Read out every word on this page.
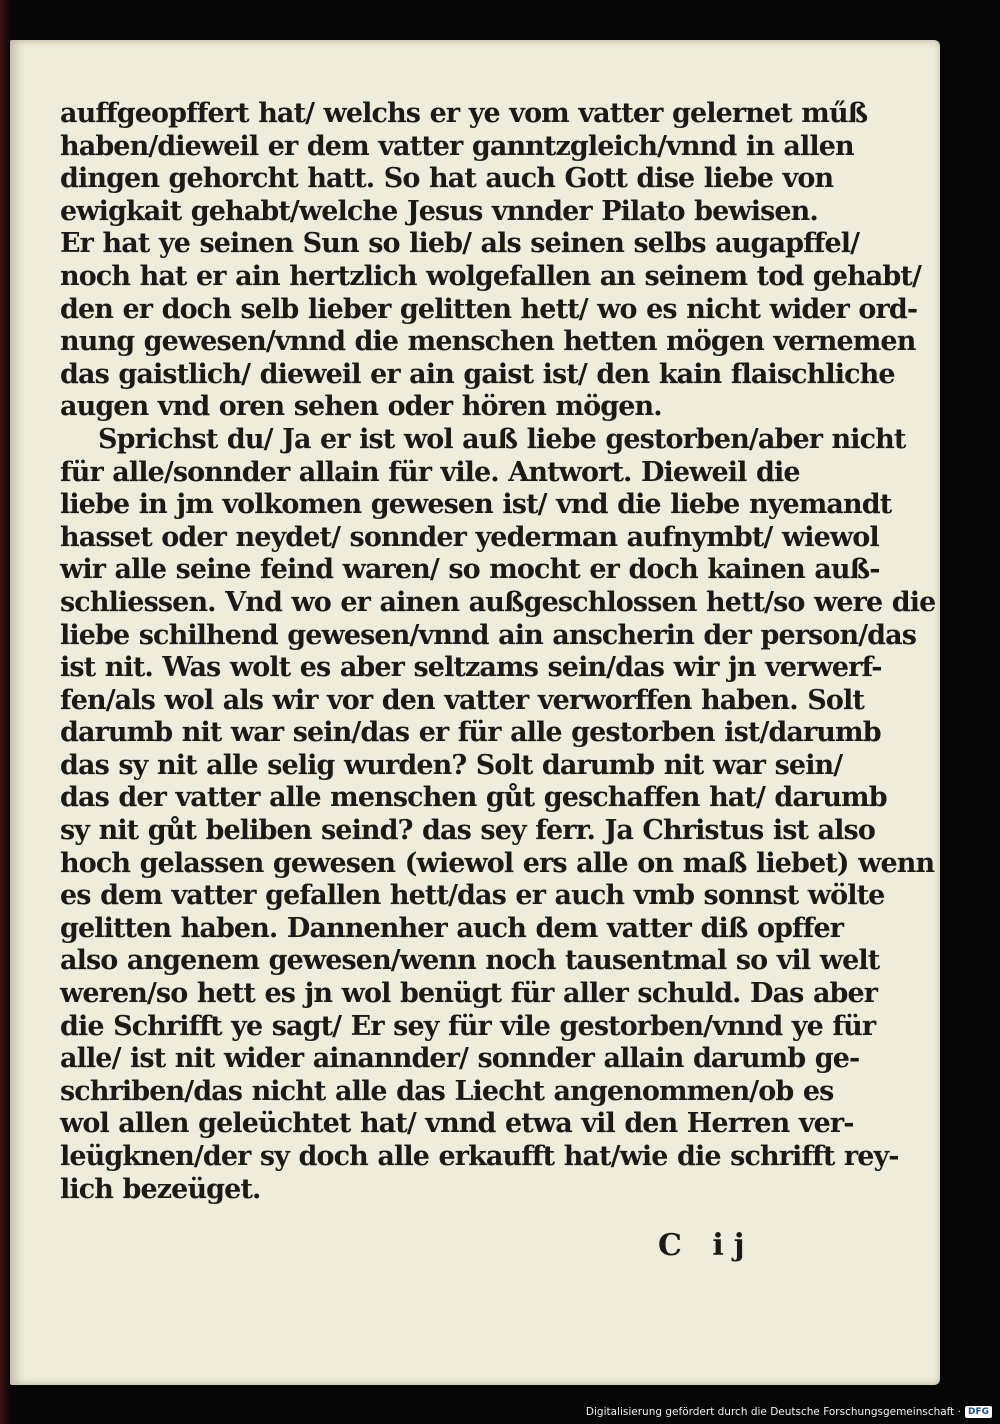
auffgeopffert hat/ welchs er ye vom vatter gelernet műß
haben/dieweil er dem vatter ganntzgleich/vnnd in allen
dingen gehorcht hatt. So hat auch Gott dise liebe von
ewigkait gehabt/welche Jesus vnnder Pilato bewisen.
Er hat ye seinen Sun so lieb/ als seinen selbs augapffel/
noch hat er ain hertzlich wolgefallen an seinem tod gehabt/
den er doch selb lieber gelitten hett/ wo es nicht wider ord-
nung gewesen/vnnd die menschen hetten mögen vernemen
das gaistlich/ dieweil er ain gaist ist/ den kain flaischliche
augen vnd oren sehen oder hören mögen.
Sprichst du/ Ja er ist wol auß liebe gestorben/aber nicht
für alle/sonnder allain für vile. Antwort. Dieweil die
liebe in jm volkomen gewesen ist/ vnd die liebe nyemandt
hasset oder neydet/ sonnder yederman aufnymbt/ wiewol
wir alle seine feind waren/ so mocht er doch kainen auß-
schliessen. Vnd wo er ainen außgeschlossen hett/so were die
liebe schilhend gewesen/vnnd ain anscherin der person/das
ist nit. Was wolt es aber seltzams sein/das wir jn verwerf-
fen/als wol als wir vor den vatter verworffen haben. Solt
darumb nit war sein/das er für alle gestorben ist/darumb
das sy nit alle selig wurden? Solt darumb nit war sein/
das der vatter alle menschen gůt geschaffen hat/ darumb
sy nit gůt beliben seind? das sey ferr. Ja Christus ist also
hoch gelassen gewesen (wiewol ers alle on maß liebet) wenn
es dem vatter gefallen hett/das er auch vmb sonnst wölte
gelitten haben. Dannenher auch dem vatter diß opffer
also angenem gewesen/wenn noch tausentmal so vil welt
weren/so hett es jn wol benügt für aller schuld. Das aber
die Schrifft ye sagt/ Er sey für vile gestorben/vnnd ye für
alle/ ist nit wider ainannder/ sonnder allain darumb ge-
schriben/das nicht alle das Liecht angenommen/ob es
wol allen geleüchtet hat/ vnnd etwa vil den Herren ver-
leügknen/der sy doch alle erkaufft hat/wie die schrifft rey-
lich bezeüget.
C ij
Digitalisierung gefördert durch die Deutsche Forschungsgemeinschaft · DFG
